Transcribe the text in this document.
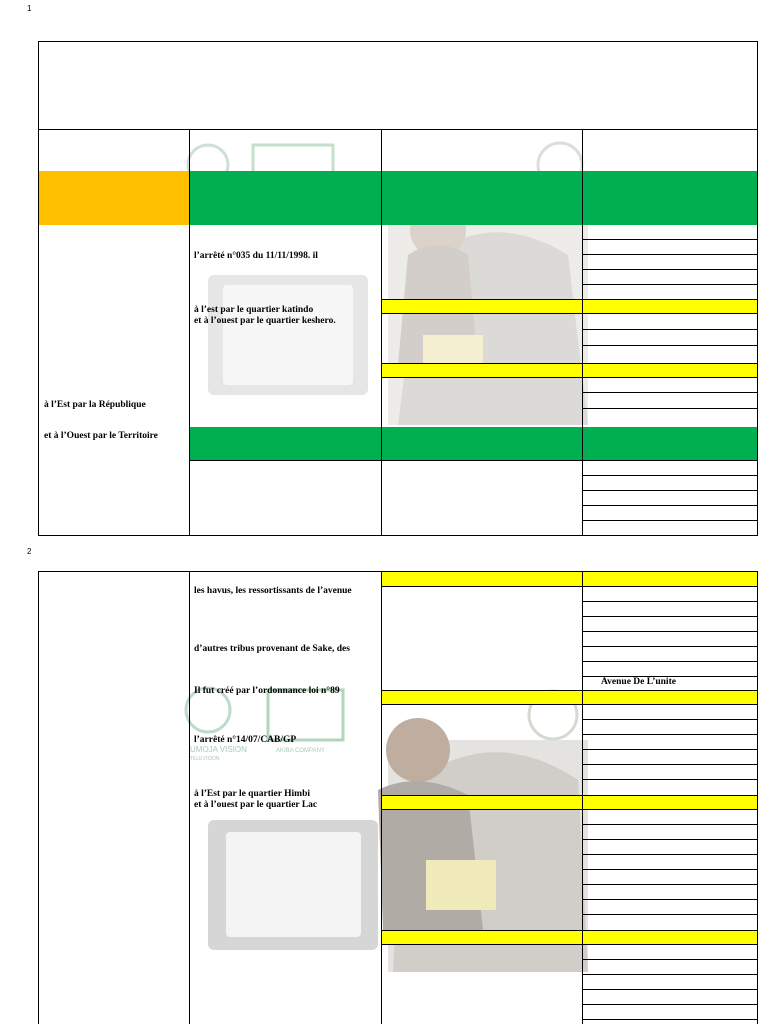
1
l’arrêté n°035 du 11/11/1998. il
à l’est par le quartier katindo
et à l’ouest par le quartier keshero.
à l’Est par la République
et à l’Ouest par le Territoire
2
UMOJA VISION
TELEVISION
AKIBA COMPANY
les havus, les ressortissants de l’avenue
d’autres tribus provenant de Sake, des
Il fut créé par l’ordonnance loi n°89
l’arrêté n°14/07/CAB/GP
à l’Est par le quartier Himbi
et à l’ouest par le quartier Lac
Avenue De L’unite
